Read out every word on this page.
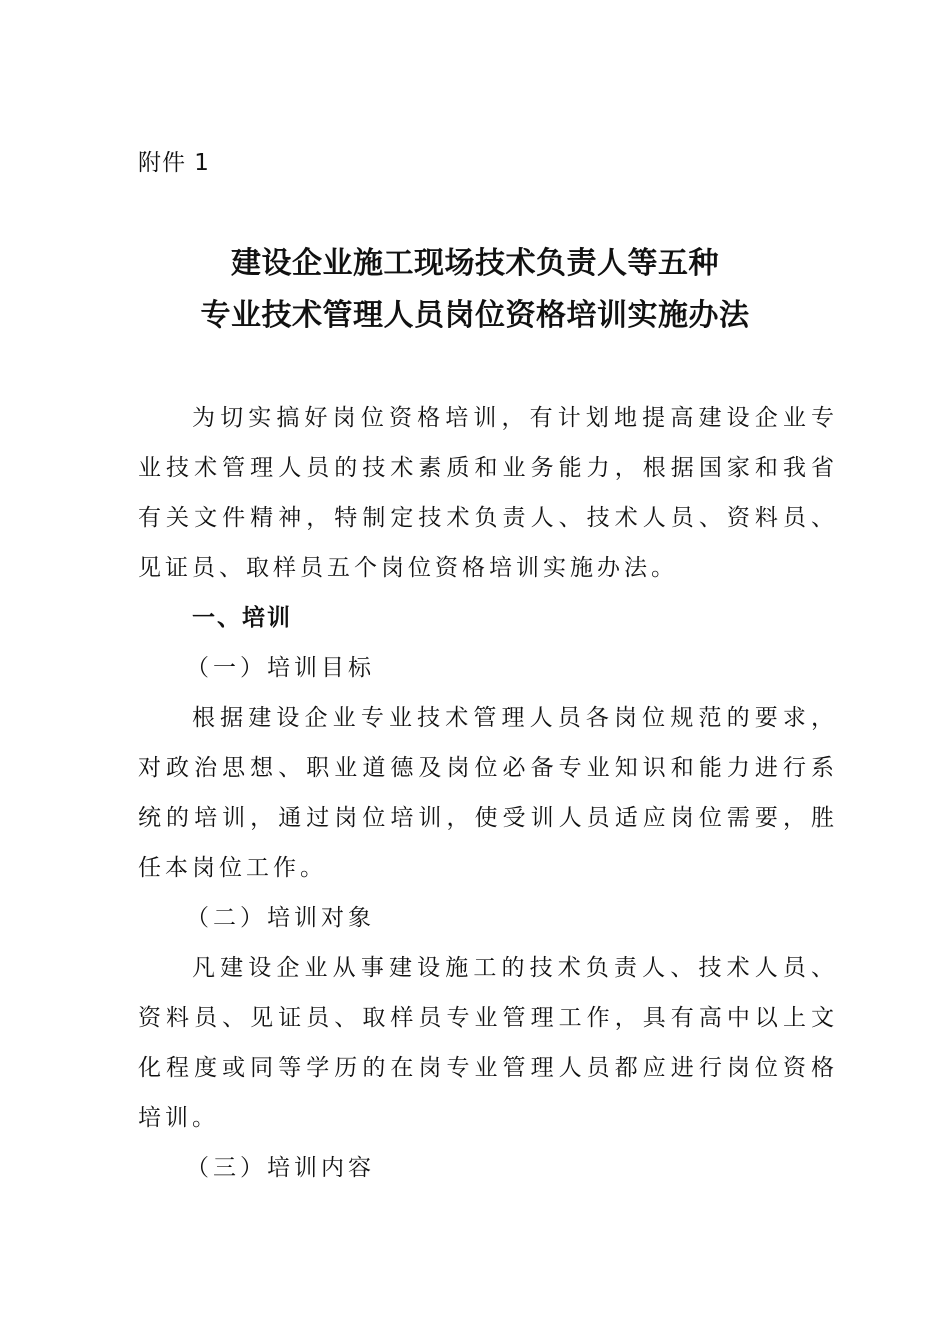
附件 1
建设企业施工现场技术负责人等五种
专业技术管理人员岗位资格培训实施办法

为切实搞好岗位资格培训，有计划地提高建设企业专业技术管理人员的技术素质和业务能力，根据国家和我省有关文件精神，特制定技术负责人、技术人员、资料员、见证员、取样员五个岗位资格培训实施办法。

一、培训

（一）培训目标

根据建设企业专业技术管理人员各岗位规范的要求，对政治思想、职业道德及岗位必备专业知识和能力进行系统的培训，通过岗位培训，使受训人员适应岗位需要，胜任本岗位工作。

（二）培训对象

凡建设企业从事建设施工的技术负责人、技术人员、资料员、见证员、取样员专业管理工作，具有高中以上文化程度或同等学历的在岗专业管理人员都应进行岗位资格培训。

（三）培训内容
